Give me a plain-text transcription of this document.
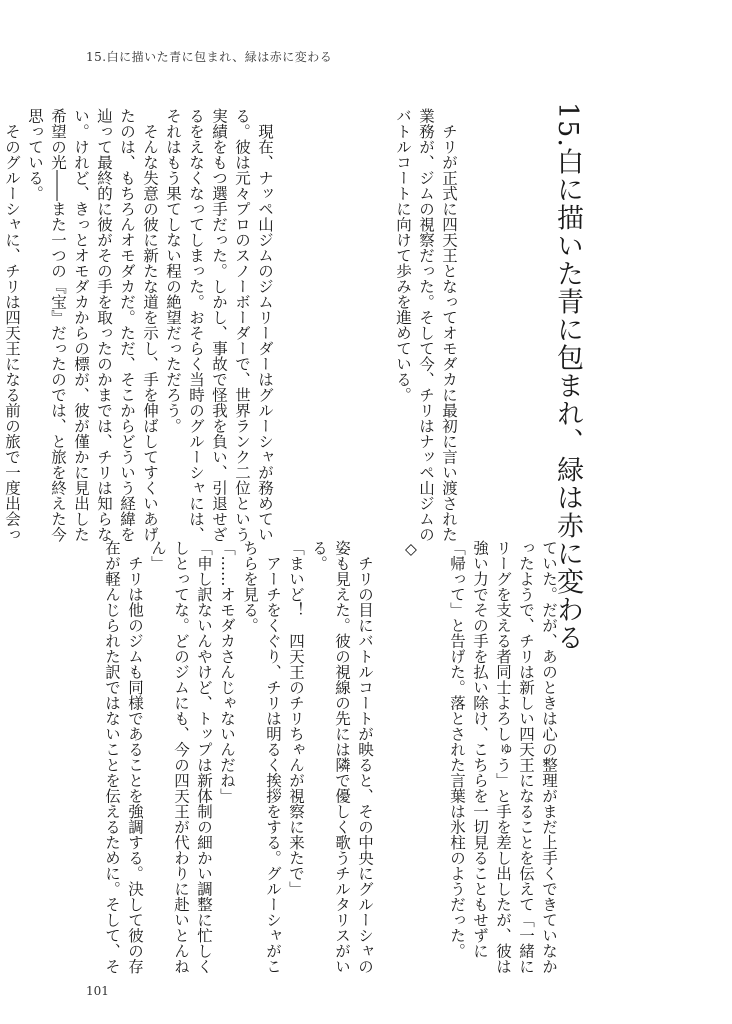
15.白に描いた青に包まれ、緑は赤に変わる
15.白に描いた青に包まれ、緑は赤に変わる

　チリが正式に四天王となってオモダカに最初に言い渡された
業務が、ジムの視察だった。そして今、チリはナッペ山ジムの
バトルコートに向けて歩みを進めている。

　現在、ナッペ山ジムのジムリーダーはグルーシャが務めてい
る。彼は元々プロのスノーボーダーで、世界ランク二位という
実績をもつ選手だった。しかし、事故で怪我を負い、引退せざ
るをえなくなってしまった。おそらく当時のグルーシャには、
それはもう果てしない程の絶望だっただろう。
　そんな失意の彼に新たな道を示し、手を伸ばしてすくいあげ
たのは、もちろんオモダカだ。ただ、そこからどういう経緯を
辿って最終的に彼がその手を取ったのかまでは、チリは知らな
い。けれど、きっとオモダカからの標が、彼が僅かに見出した
希望の光――また一つの『宝』だったのでは、と旅を終えた今
思っている。
　そのグルーシャに、チリは四天王になる前の旅で一度出会っ

ていた。だが、あのときは心の整理がまだ上手くできていなか
ったようで、チリは新しい四天王になることを伝えて「一緒に
リーグを支える者同士よろしゅう」と手を差し出したが、彼は
強い力でその手を払い除け、こちらを一切見ることもせずに
「帰って」と告げた。落とされた言葉は氷柱のようだった。

◇

　チリの目にバトルコートが映ると、その中央にグルーシャの
姿も見えた。彼の視線の先には隣で優しく歌うチルタリスがい
る。
「まいど！　四天王のチリちゃんが視察に来たで」
　アーチをくぐり、チリは明るく挨拶をする。グルーシャがこ
ちらを見る。
「……オモダカさんじゃないんだね」
「申し訳ないんやけど、トップは新体制の細かい調整に忙しく
しとってな。どのジムにも、今の四天王が代わりに赴いとんね
ん」
　チリは他のジムも同様であることを強調する。決して彼の存
在が軽んじられた訳ではないことを伝えるために。そして、そ

101
